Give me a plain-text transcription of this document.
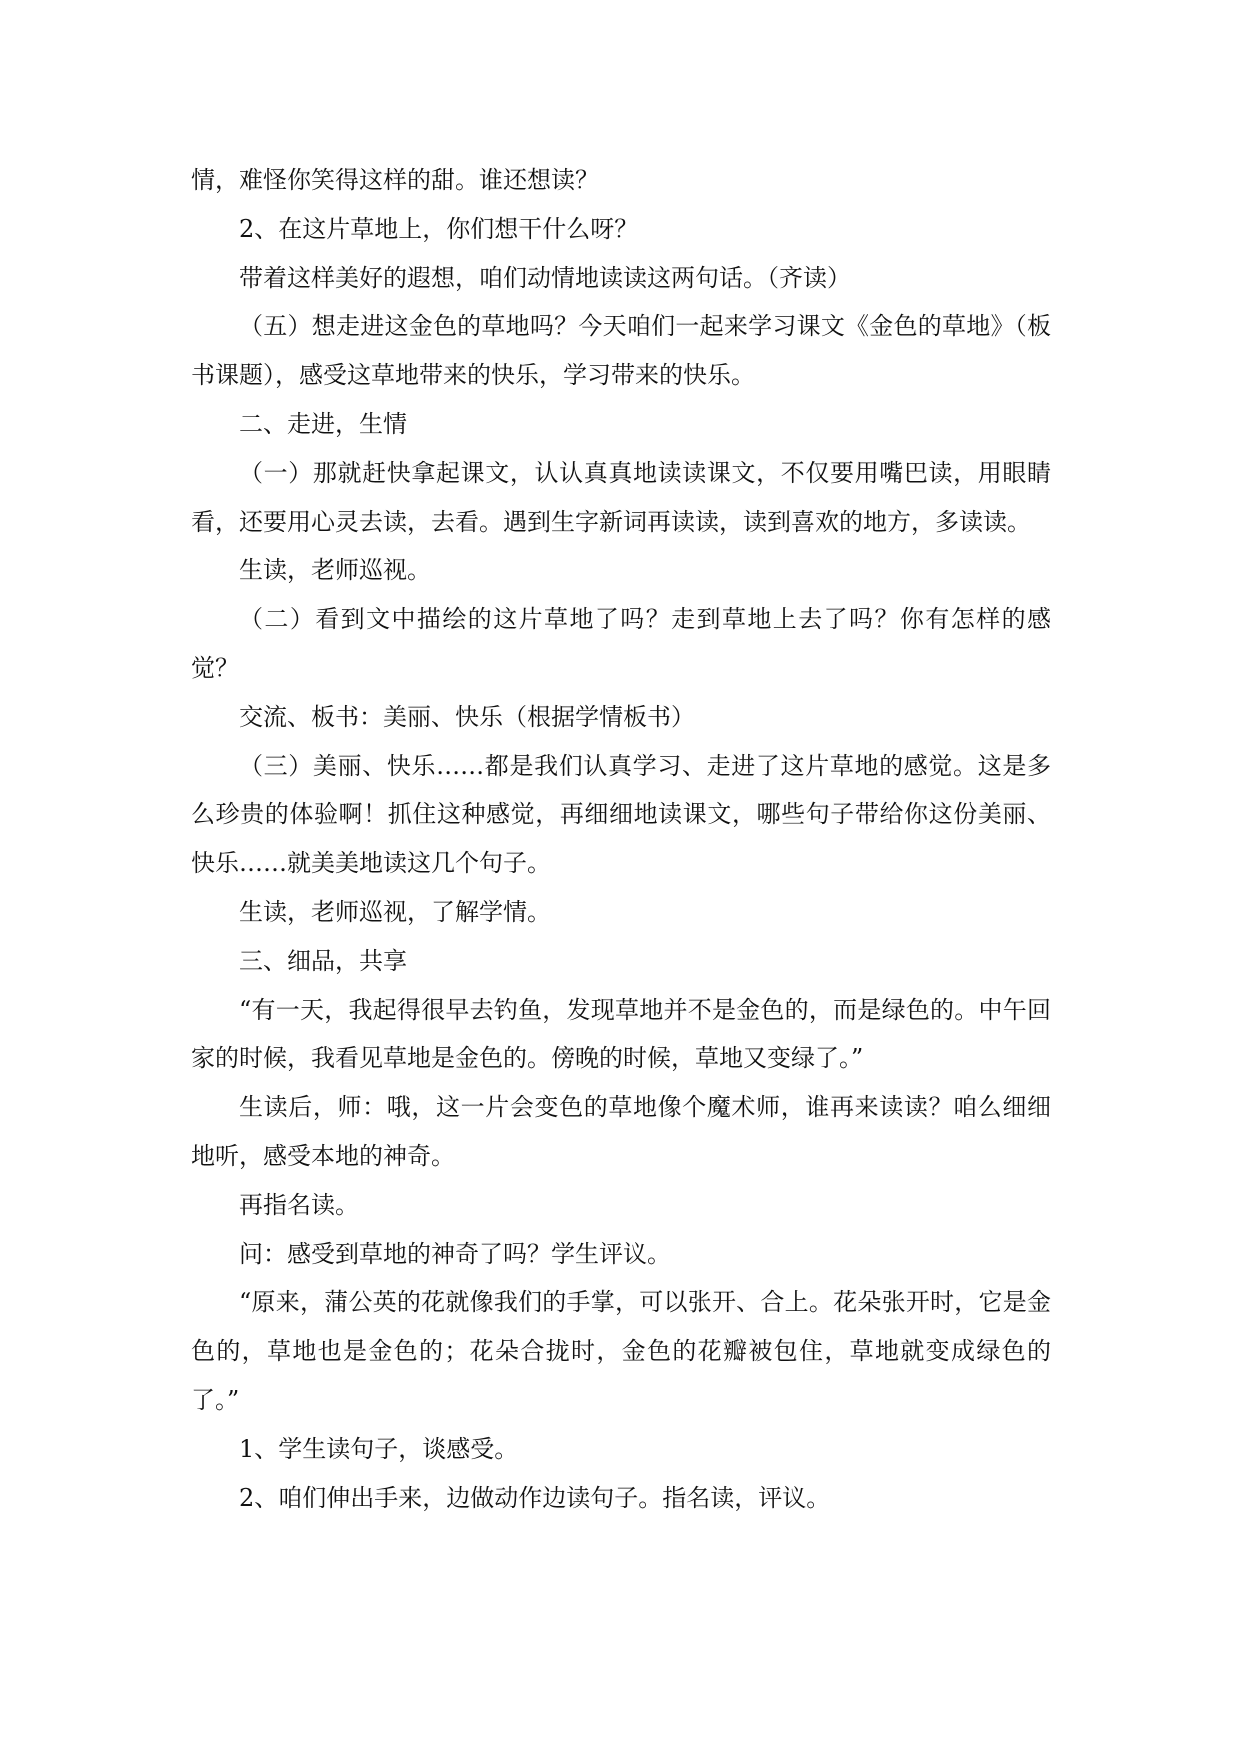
情，难怪你笑得这样的甜。谁还想读？

2、在这片草地上，你们想干什么呀？

带着这样美好的遐想，咱们动情地读读这两句话。（齐读）

（五）想走进这金色的草地吗？今天咱们一起来学习课文《金色的草地》（板书课题），感受这草地带来的快乐，学习带来的快乐。

二、走进，生情

（一）那就赶快拿起课文，认认真真地读读课文，不仅要用嘴巴读，用眼睛看，还要用心灵去读，去看。遇到生字新词再读读，读到喜欢的地方，多读读。

生读，老师巡视。

（二）看到文中描绘的这片草地了吗？走到草地上去了吗？你有怎样的感觉？

交流、板书：美丽、快乐（根据学情板书）

（三）美丽、快乐……都是我们认真学习、走进了这片草地的感觉。这是多么珍贵的体验啊！抓住这种感觉，再细细地读课文，哪些句子带给你这份美丽、快乐……就美美地读这几个句子。

生读，老师巡视，了解学情。

三、细品，共享

“有一天，我起得很早去钓鱼，发现草地并不是金色的，而是绿色的。中午回家的时候，我看见草地是金色的。傍晚的时候，草地又变绿了。”

生读后，师：哦，这一片会变色的草地像个魔术师，谁再来读读？咱么细细地听，感受本地的神奇。

再指名读。

问：感受到草地的神奇了吗？学生评议。

“原来，蒲公英的花就像我们的手掌，可以张开、合上。花朵张开时，它是金色的，草地也是金色的；花朵合拢时，金色的花瓣被包住，草地就变成绿色的了。”

1、学生读句子，谈感受。

2、咱们伸出手来，边做动作边读句子。指名读，评议。
